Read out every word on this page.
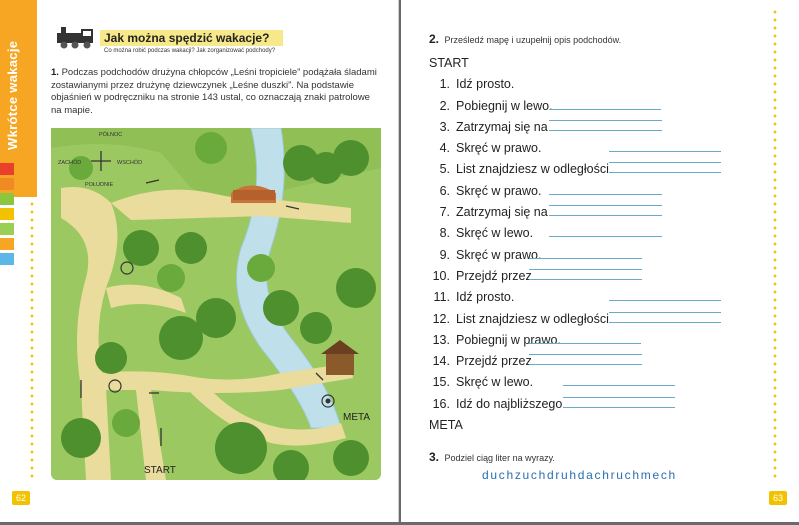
Wkrótce wakacje
Jak można spędzić wakacje?
Co można robić podczas wakacji? Jak zorganizować podchody?
1. Podczas podchodów drużyna chłopców „Leśni tropiciele” podążała śladami zostawianymi przez drużynę dziewczynek „Leśne duszki”. Na podstawie objaśnień w podręczniku na stronie 143 ustal, co oznaczają znaki patrolowe na mapie.
PÓŁNOC
ZACHÓD	WSCHÓD
POŁUDNIE
START
META
62
2. Prześledź mapę i uzupełnij opis podchodów.
START
1. Idź prosto.
2. Pobiegnij w lewo.
3. Zatrzymaj się na
4. Skręć w prawo.
5. List znajdziesz w odległości
6. Skręć w prawo.
7. Zatrzymaj się na
8. Skręć w lewo.
9. Skręć w prawo.
10. Przejdź przez
11. Idź prosto.
12. List znajdziesz w odległości
13. Pobiegnij w prawo.
14. Przejdź przez
15. Skręć w lewo.
16. Idź do najbliższego
META
3. Podziel ciąg liter na wyrazy.
duchzuchdruhdachruchmech
63
